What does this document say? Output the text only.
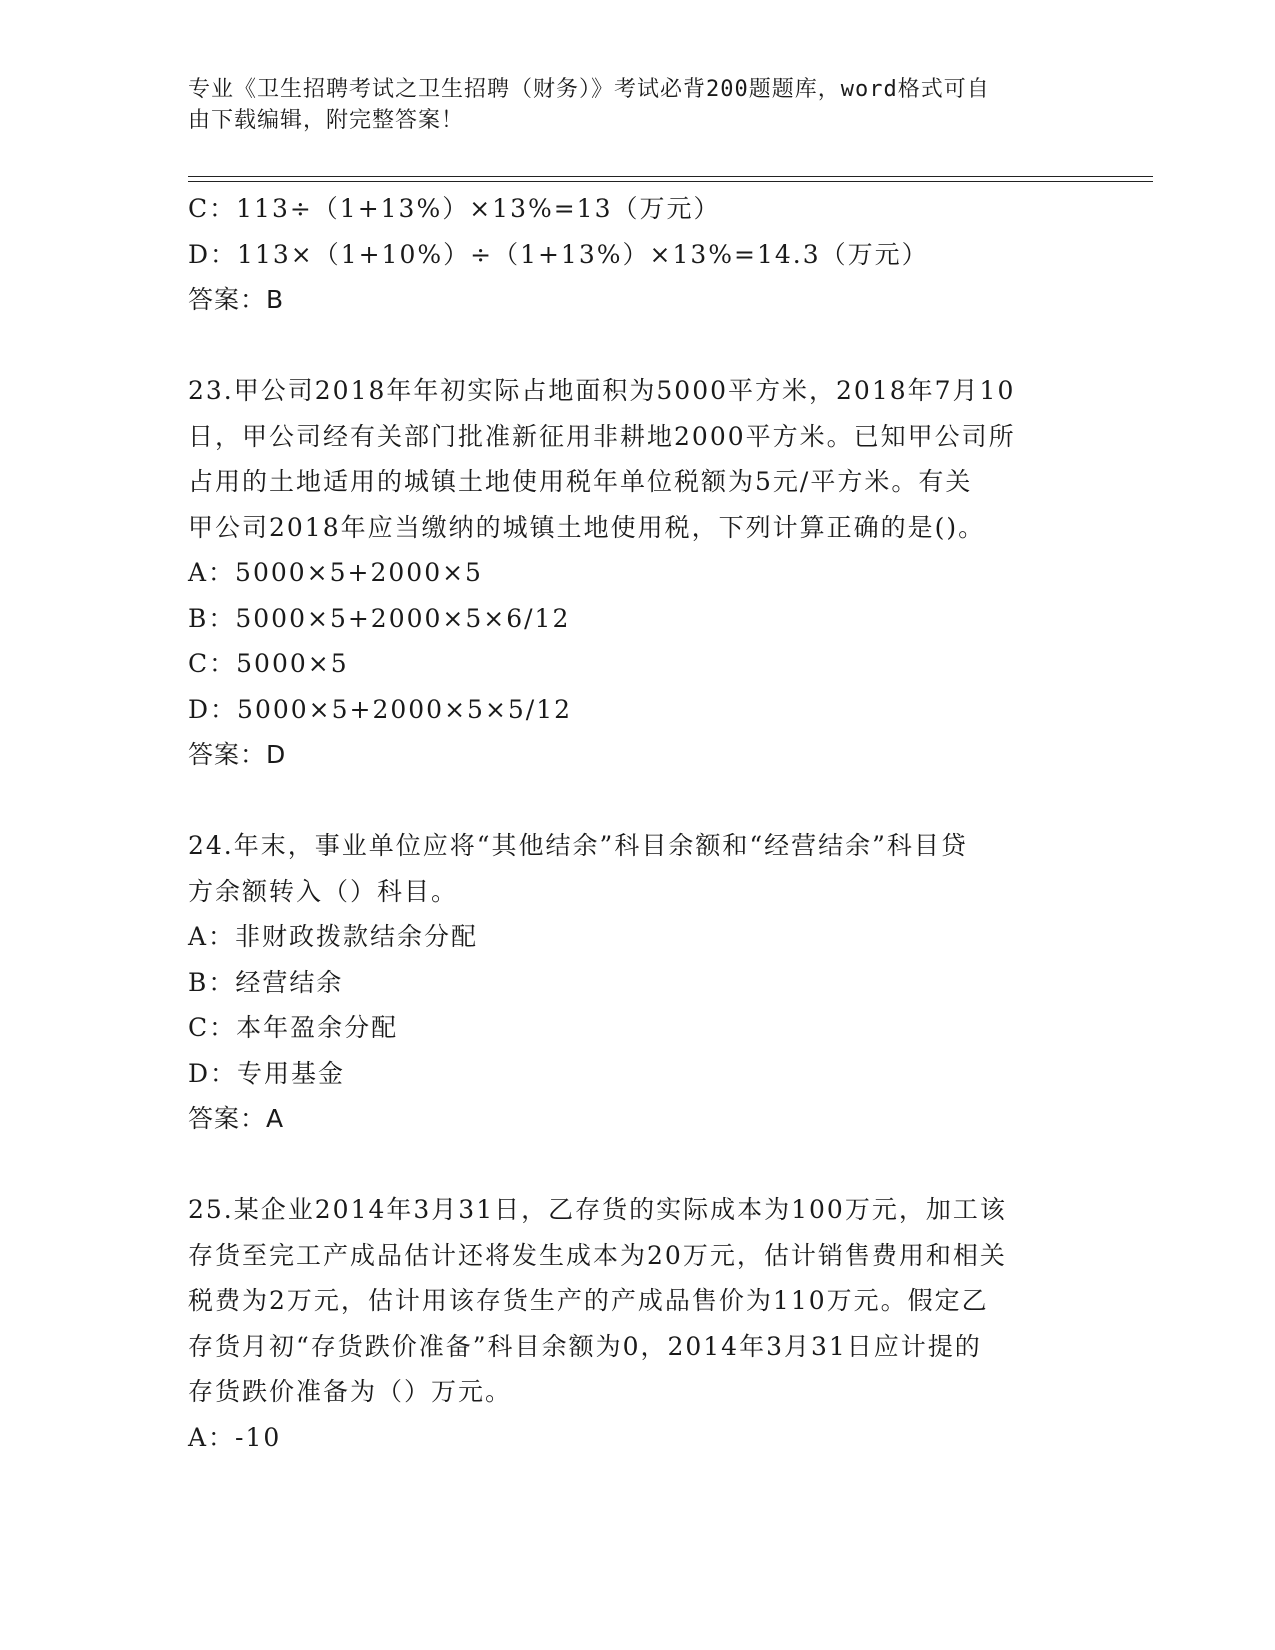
专业《卫生招聘考试之卫生招聘（财务）》考试必背200题题库，word格式可自
由下载编辑，附完整答案！
C：113÷（1+13%）×13%=13（万元）
D：113×（1+10%）÷（1+13%）×13%=14.3（万元）
答案：B
23.甲公司2018年年初实际占地面积为5000平方米，2018年7月10
日，甲公司经有关部门批准新征用非耕地2000平方米。已知甲公司所
占用的土地适用的城镇土地使用税年单位税额为5元/平方米。有关
甲公司2018年应当缴纳的城镇土地使用税，下列计算正确的是()。
A：5000×5+2000×5
B：5000×5+2000×5×6/12
C：5000×5
D：5000×5+2000×5×5/12
答案：D
24.年末，事业单位应将“其他结余”科目余额和“经营结余”科目贷
方余额转入（）科目。
A：非财政拨款结余分配
B：经营结余
C：本年盈余分配
D：专用基金
答案：A
25.某企业2014年3月31日，乙存货的实际成本为100万元，加工该
存货至完工产成品估计还将发生成本为20万元，估计销售费用和相关
税费为2万元，估计用该存货生产的产成品售价为110万元。假定乙
存货月初“存货跌价准备”科目余额为0，2014年3月31日应计提的
存货跌价准备为（）万元。
A：-10
